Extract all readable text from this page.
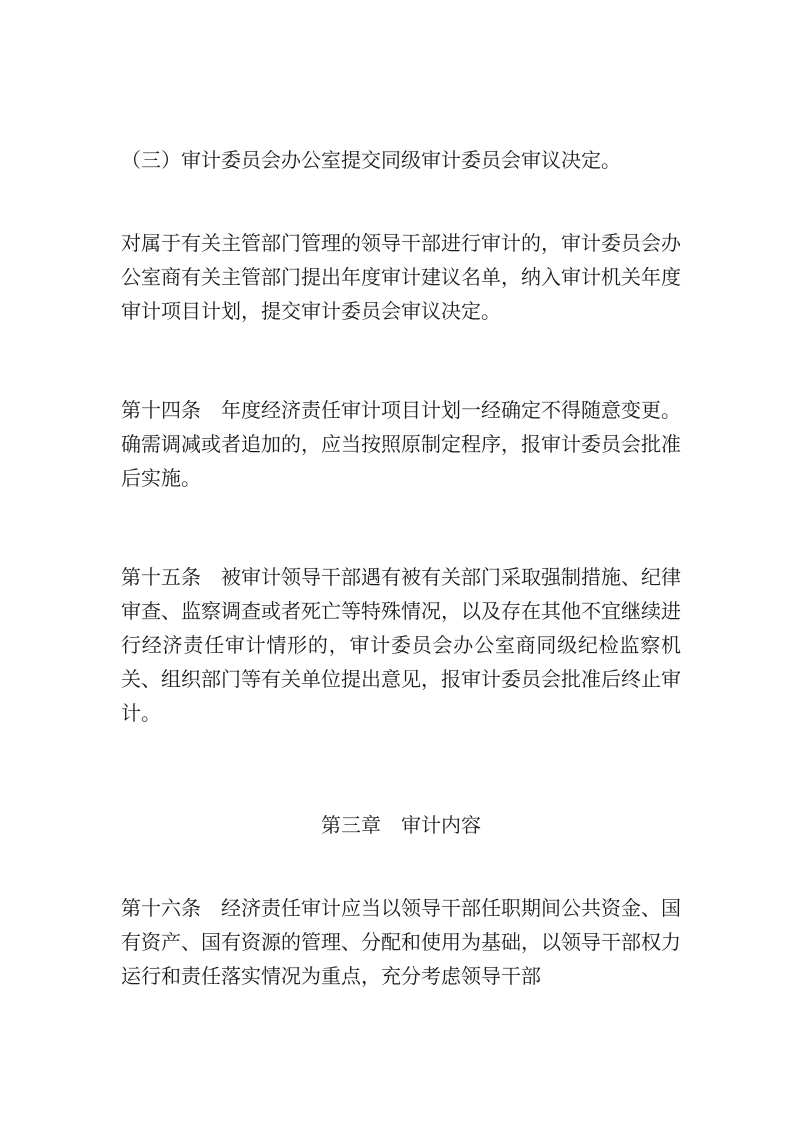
（三）审计委员会办公室提交同级审计委员会审议决定。

对属于有关主管部门管理的领导干部进行审计的，审计委员会办公室商有关主管部门提出年度审计建议名单，纳入审计机关年度审计项目计划，提交审计委员会审议决定。

第十四条　年度经济责任审计项目计划一经确定不得随意变更。确需调减或者追加的，应当按照原制定程序，报审计委员会批准后实施。

第十五条　被审计领导干部遇有被有关部门采取强制措施、纪律审查、监察调查或者死亡等特殊情况，以及存在其他不宜继续进行经济责任审计情形的，审计委员会办公室商同级纪检监察机关、组织部门等有关单位提出意见，报审计委员会批准后终止审计。

第三章　审计内容

第十六条　经济责任审计应当以领导干部任职期间公共资金、国有资产、国有资源的管理、分配和使用为基础，以领导干部权力运行和责任落实情况为重点，充分考虑领导干部
